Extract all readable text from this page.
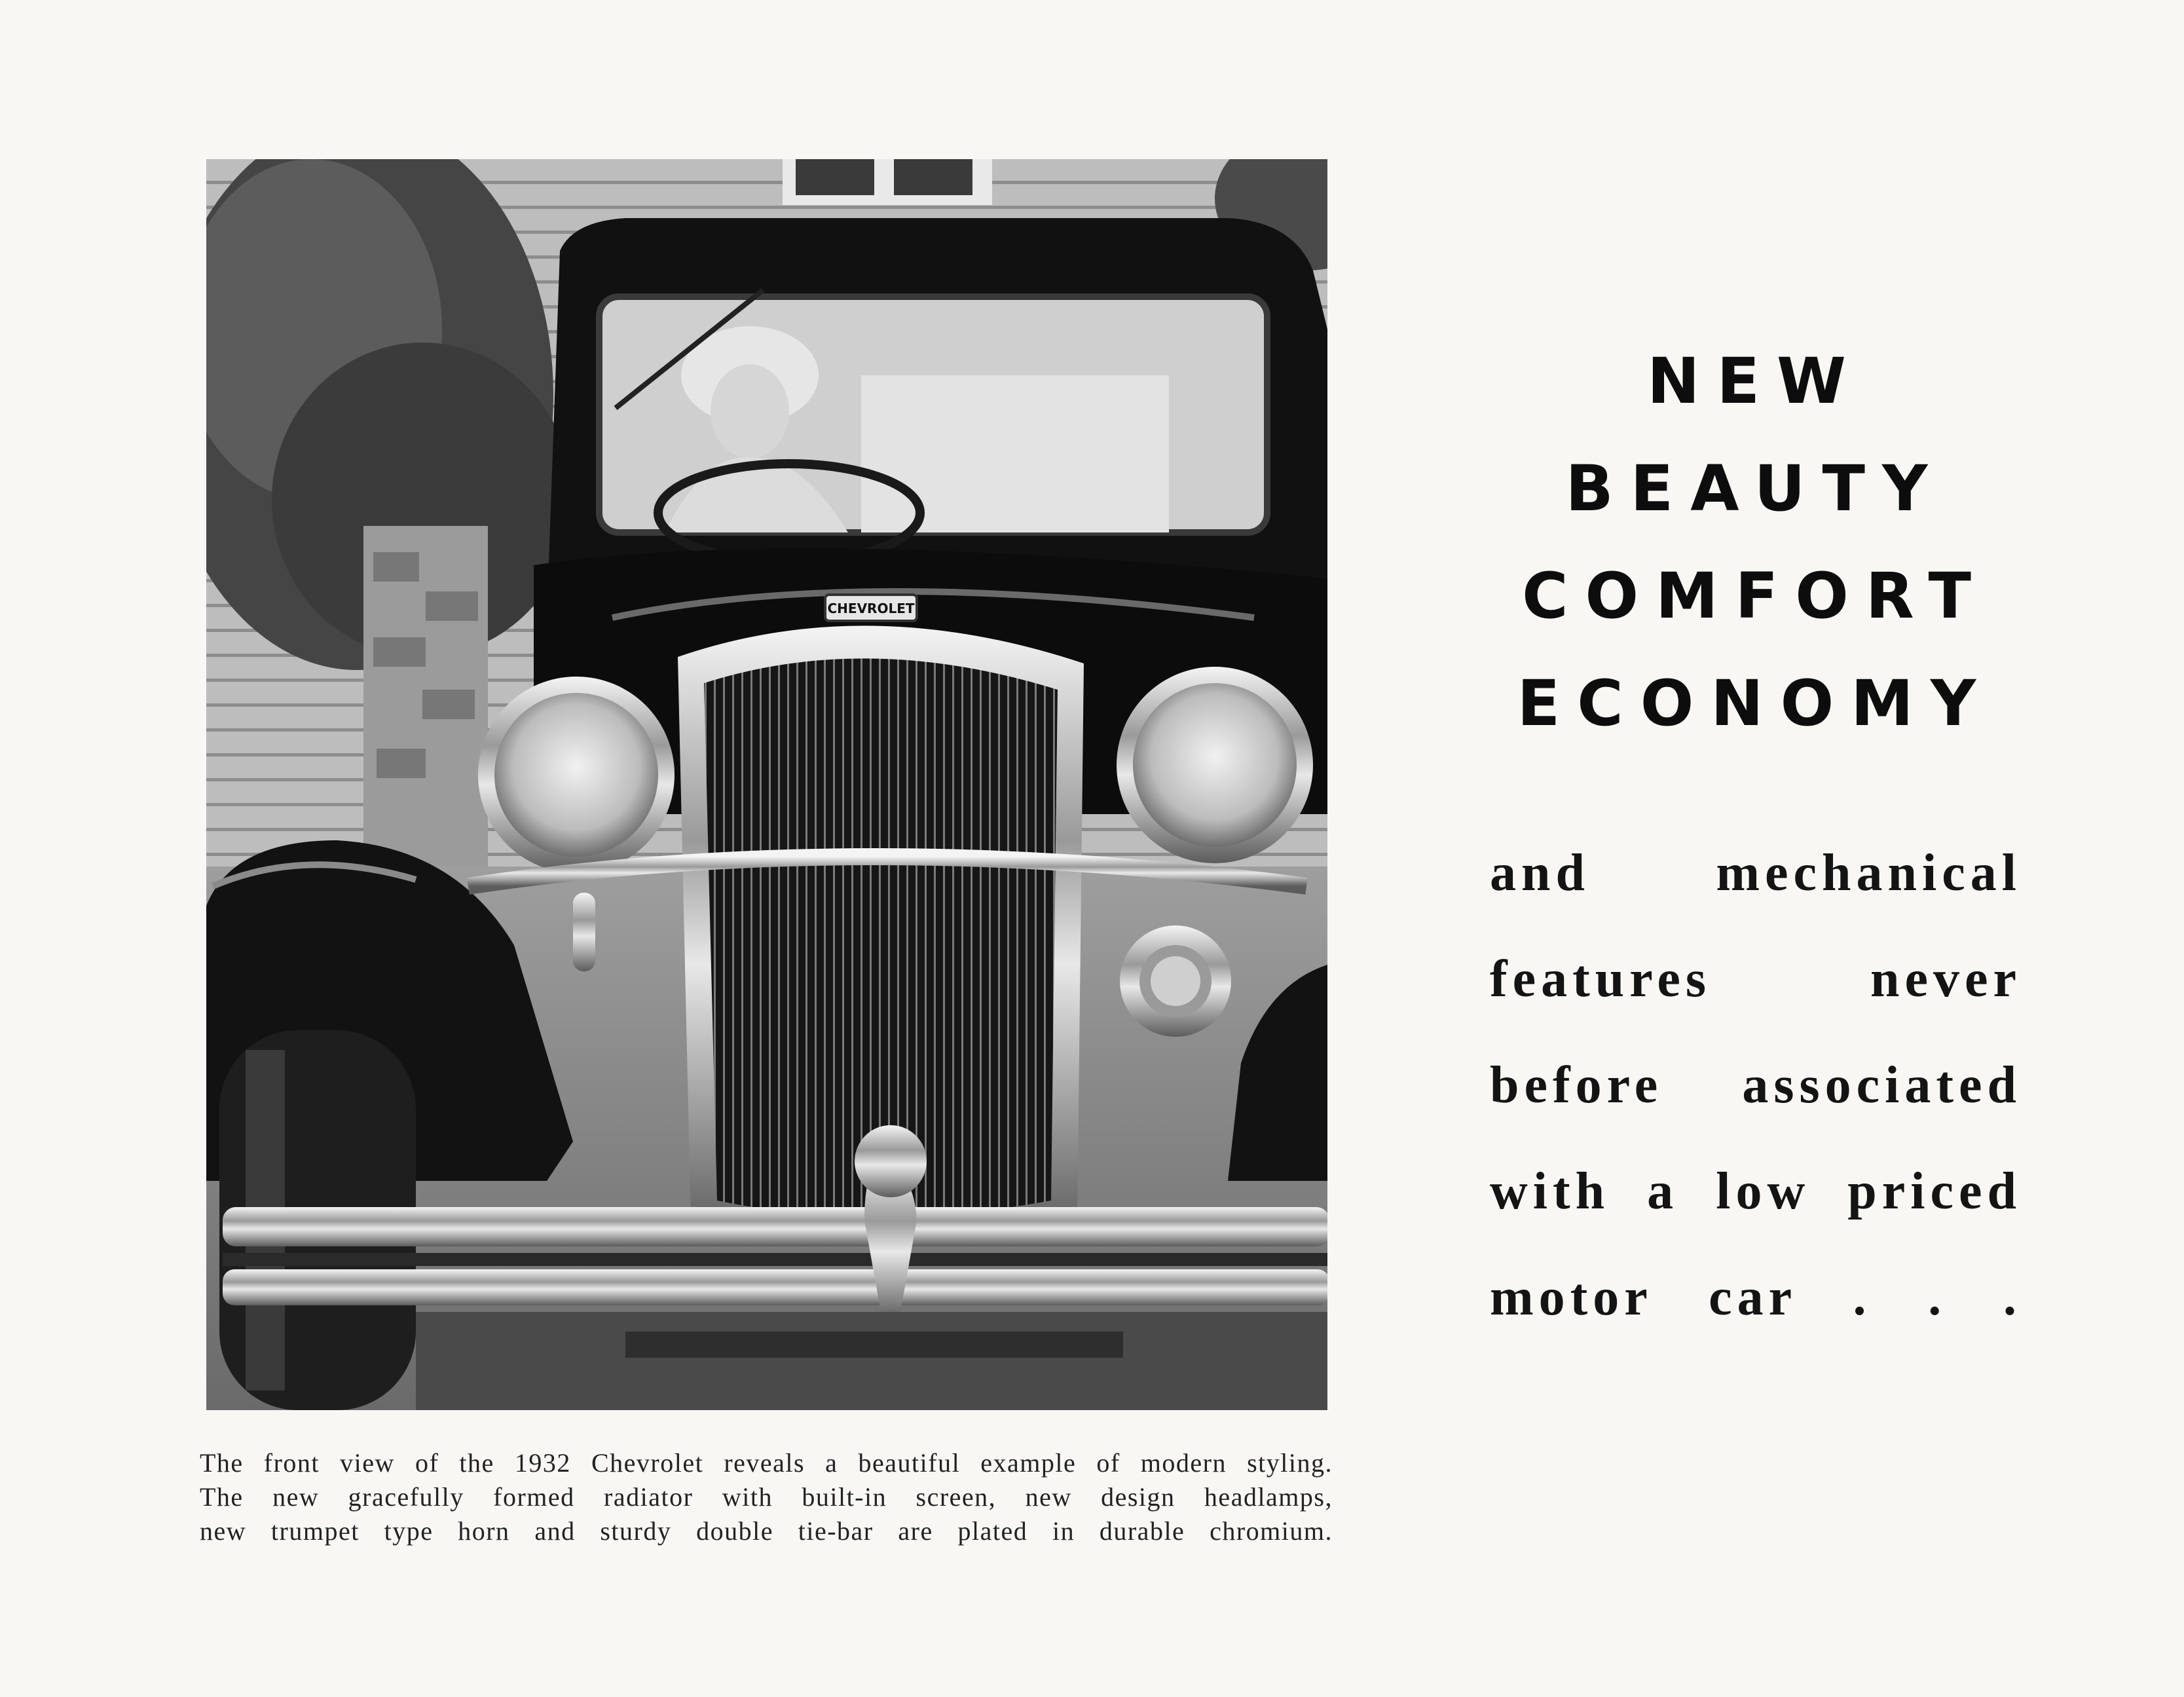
CHEVROLET
The front view of the 1932 Chevrolet reveals a beautiful example of modern styling.
The new gracefully formed radiator with built-in screen, new design headlamps,
new trumpet type horn and sturdy double tie-bar are plated in durable chromium.
NEW
BEAUTY
COMFORT
ECONOMY
and mechanical
features never
before associated
with a low priced
motor car . . .
